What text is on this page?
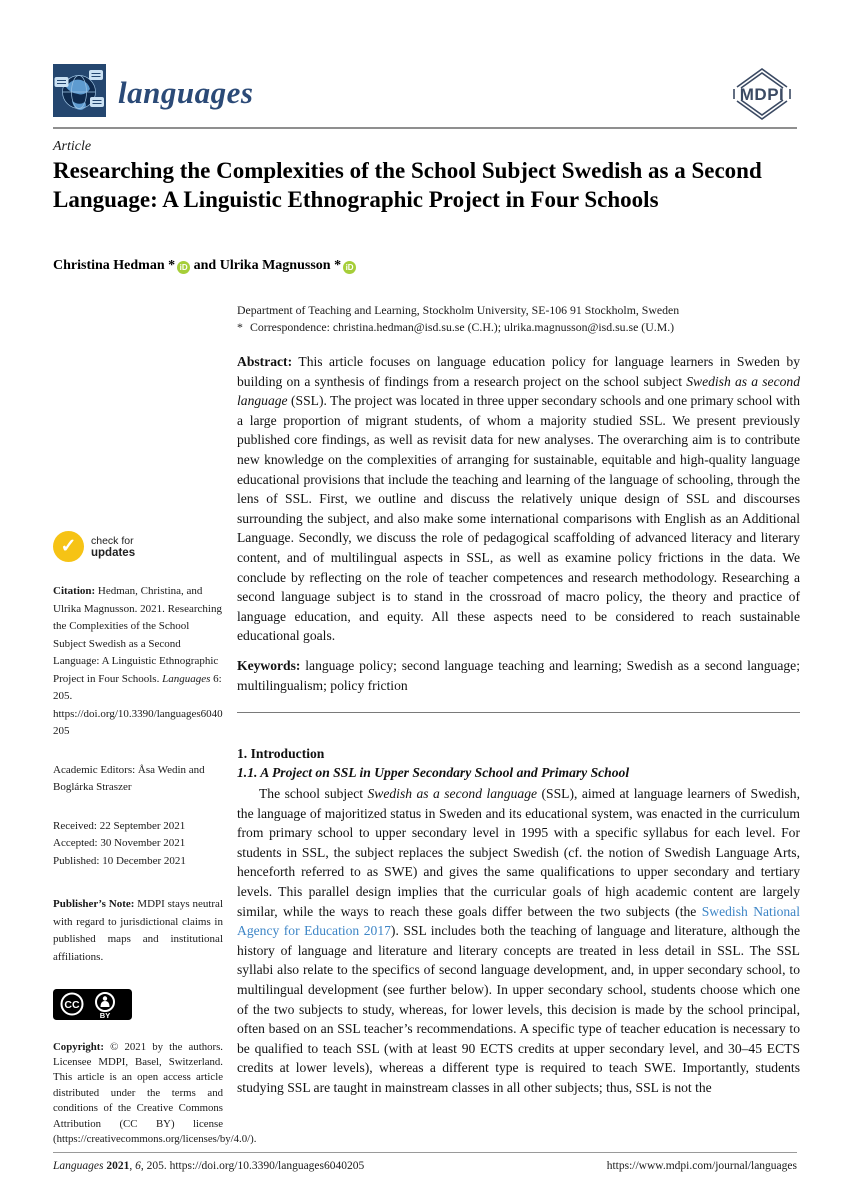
languages	MDPI
Article
Researching the Complexities of the School Subject Swedish as a Second Language: A Linguistic Ethnographic Project in Four Schools
Christina Hedman * iD and Ulrika Magnusson * iD
Department of Teaching and Learning, Stockholm University, SE-106 91 Stockholm, Sweden
* Correspondence: christina.hedman@isd.su.se (C.H.); ulrika.magnusson@isd.su.se (U.M.)

Abstract: This article focuses on language education policy for language learners in Sweden by building on a synthesis of findings from a research project on the school subject Swedish as a second language (SSL). The project was located in three upper secondary schools and one primary school with a large proportion of migrant students, of whom a majority studied SSL. We present previously published core findings, as well as revisit data for new analyses. The overarching aim is to contribute new knowledge on the complexities of arranging for sustainable, equitable and high-quality language educational provisions that include the teaching and learning of the language of schooling, through the lens of SSL. First, we outline and discuss the relatively unique design of SSL and discourses surrounding the subject, and also make some international comparisons with English as an Additional Language. Secondly, we discuss the role of pedagogical scaffolding of advanced literacy and literary content, and of multilingual aspects in SSL, as well as examine policy frictions in the data. We conclude by reflecting on the role of teacher competences and research methodology. Researching a second language subject is to stand in the crossroad of macro policy, the theory and practice of language education, and equity. All these aspects need to be considered to reach sustainable educational goals.

Keywords: language policy; second language teaching and learning; Swedish as a second language; multilingualism; policy friction

1. Introduction
1.1. A Project on SSL in Upper Secondary School and Primary School

The school subject Swedish as a second language (SSL), aimed at language learners of Swedish, the language of majoritized status in Sweden and its educational system, was enacted in the curriculum from primary school to upper secondary level in 1995 with a specific syllabus for each level. For students in SSL, the subject replaces the subject Swedish (cf. the notion of Swedish Language Arts, henceforth referred to as SWE) and gives the same qualifications to upper secondary and tertiary levels. This parallel design implies that the curricular goals of high academic content are largely similar, while the ways to reach these goals differ between the two subjects (the Swedish National Agency for Education 2017). SSL includes both the teaching of language and literature, although the history of language and literature and literary concepts are treated in less detail in SSL. The SSL syllabi also relate to the specifics of second language development, and, in upper secondary school, to multilingual development (see further below). In upper secondary school, students choose which one of the two subjects to study, whereas, for lower levels, this decision is made by the school principal, often based on an SSL teacher’s recommendations. A specific type of teacher education is necessary to be qualified to teach SSL (with at least 90 ECTS credits at upper secondary level, and 30–45 ECTS credits at lower levels), whereas a different type is required to teach SWE. Importantly, students studying SSL are taught in mainstream classes in all other subjects; thus, SSL is not the

✓	check for
updates
Citation: Hedman, Christina, and Ulrika Magnusson. 2021. Researching the Complexities of the School Subject Swedish as a Second Language: A Linguistic Ethnographic Project in Four Schools. Languages 6: 205. https://doi.org/10.3390/languages6040205
Academic Editors: Åsa Wedin and Boglárka Straszer
Received: 22 September 2021
Accepted: 30 November 2021
Published: 10 December 2021
Publisher’s Note: MDPI stays neutral with regard to jurisdictional claims in published maps and institutional affiliations.
CC
BY
Copyright: © 2021 by the authors. Licensee MDPI, Basel, Switzerland. This article is an open access article distributed under the terms and conditions of the Creative Commons Attribution (CC BY) license (https://creativecommons.org/licenses/by/4.0/).
Languages 2021, 6, 205. https://doi.org/10.3390/languages6040205	https://www.mdpi.com/journal/languages
